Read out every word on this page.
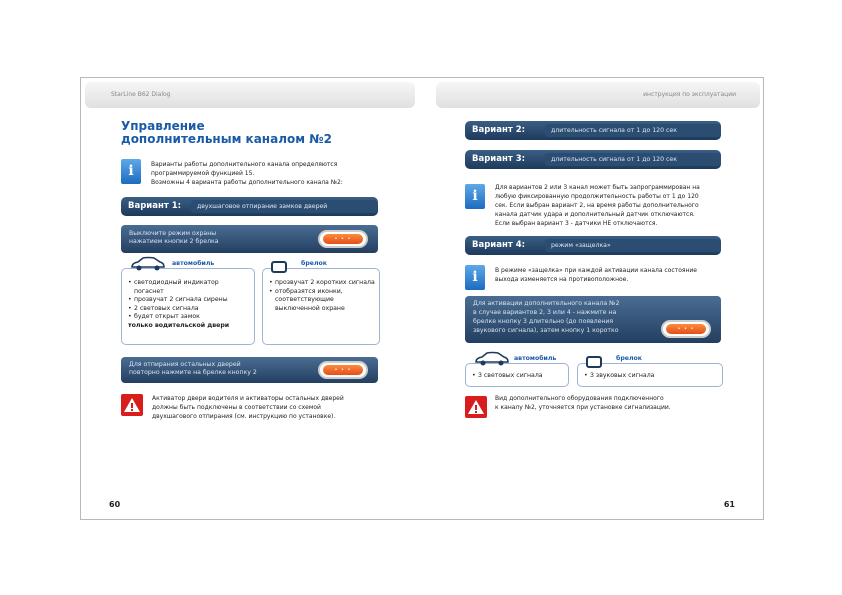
StarLine B62 Dialog
Управление
дополнительным каналом №2
i	Варианты работы дополнительного канала определяются
программируемой функцией 15.
Возможны 4 варианта работы дополнительного канала №2:
Вариант 1:	двухшаговое отпирание замков дверей
Выключите режим охраны
нажатием кнопки 2 брелка	• • •
автомобиль
• светодиодный индикатор погаснет
• прозвучат 2 сигнала сирены
• 2 световых сигнала
• будет открыт замок
• только водительской двери
брелок
• прозвучат 2 коротких сигнала
• отобразятся иконки, соответствующие выключенной охране
Для отпирания остальных дверей
повторно нажмите на брелке кнопку 2	• • •
Активатор двери водителя и активаторы остальных дверей
должны быть подключены в соответствии со схемой
двухшагового отпирания (см. инструкцию по установке).
60
инструкция по эксплуатации
Вариант 2:	длительность сигнала от 1 до 120 сек
Вариант 3:	длительность сигнала от 1 до 120 сек
i
Для вариантов 2 или 3 канал может быть запрограммирован на
любую фиксированную продолжительность работы от 1 до 120
сек. Если выбран вариант 2, на время работы дополнительного
канала датчик удара и дополнительный датчик отключаются.
Если выбран вариант 3 - датчики НЕ отключаются.
Вариант 4:	режим «защелка»
i	В режиме «защелка» при каждой активации канала состояние
выхода изменяется на противоположное.
Для активации дополнительного канала №2
в случае вариантов 2, 3 или 4 - нажмите на
брелке кнопку 3 длительно (до появления
звукового сигнала), затем кнопку 1 коротко	• • •
автомобиль
• 3 световых сигнала
брелок
• 3 звуковых сигнала
Вид дополнительного оборудования подключенного
к каналу №2, уточняется при установке сигнализации.
61
